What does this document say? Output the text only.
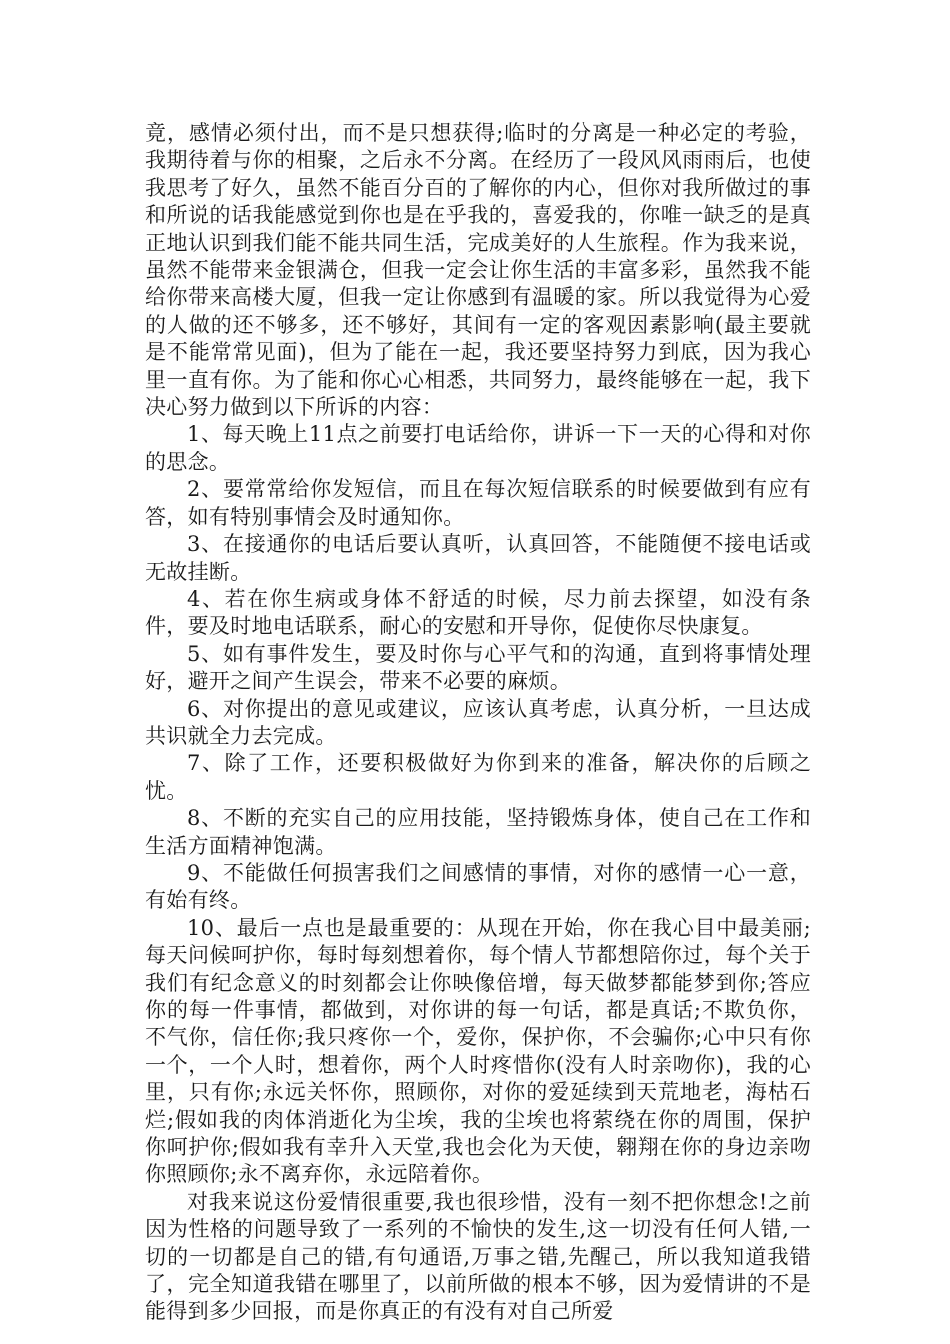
竟，感情必须付出，而不是只想获得;临时的分离是一种必定的考验，我期待着与你的相聚，之后永不分离。在经历了一段风风雨雨后，也使我思考了好久，虽然不能百分百的了解你的内心，但你对我所做过的事和所说的话我能感觉到你也是在乎我的，喜爱我的，你唯一缺乏的是真正地认识到我们能不能共同生活，完成美好的人生旅程。作为我来说，虽然不能带来金银满仓，但我一定会让你生活的丰富多彩，虽然我不能给你带来高楼大厦，但我一定让你感到有温暖的家。所以我觉得为心爱的人做的还不够多，还不够好，其间有一定的客观因素影响(最主要就是不能常常见面)，但为了能在一起，我还要坚持努力到底，因为我心里一直有你。为了能和你心心相悉，共同努力，最终能够在一起，我下决心努力做到以下所诉的内容：

1、每天晚上11点之前要打电话给你，讲诉一下一天的心得和对你的思念。

2、要常常给你发短信，而且在每次短信联系的时候要做到有应有答，如有特别事情会及时通知你。

3、在接通你的电话后要认真听，认真回答，不能随便不接电话或无故挂断。

4、若在你生病或身体不舒适的时候，尽力前去探望，如没有条件，要及时地电话联系，耐心的安慰和开导你，促使你尽快康复。

5、如有事件发生，要及时你与心平气和的沟通，直到将事情处理好，避开之间产生误会，带来不必要的麻烦。

6、对你提出的意见或建议，应该认真考虑，认真分析，一旦达成共识就全力去完成。

7、除了工作，还要积极做好为你到来的准备，解决你的后顾之忧。

8、不断的充实自己的应用技能，坚持锻炼身体，使自己在工作和生活方面精神饱满。

9、不能做任何损害我们之间感情的事情，对你的感情一心一意，有始有终。

10、最后一点也是最重要的：从现在开始，你在我心目中最美丽;每天问候呵护你，每时每刻想着你，每个情人节都想陪你过，每个关于我们有纪念意义的时刻都会让你映像倍增，每天做梦都能梦到你;答应你的每一件事情，都做到，对你讲的每一句话，都是真话;不欺负你，不气你，信任你;我只疼你一个，爱你，保护你，不会骗你;心中只有你一个，一个人时，想着你，两个人时疼惜你(没有人时亲吻你)，我的心里，只有你;永远关怀你，照顾你，对你的爱延续到天荒地老，海枯石烂;假如我的肉体消逝化为尘埃，我的尘埃也将萦绕在你的周围，保护你呵护你;假如我有幸升入天堂,我也会化为天使，翱翔在你的身边亲吻你照顾你;永不离弃你，永远陪着你。

对我来说这份爱情很重要,我也很珍惜，没有一刻不把你想念!之前因为性格的问题导致了一系列的不愉快的发生,这一切没有任何人错,一切的一切都是自己的错,有句通语,万事之错,先醒己，所以我知道我错了，完全知道我错在哪里了，以前所做的根本不够，因为爱情讲的不是能得到多少回报，而是你真正的有没有对自己所爱
